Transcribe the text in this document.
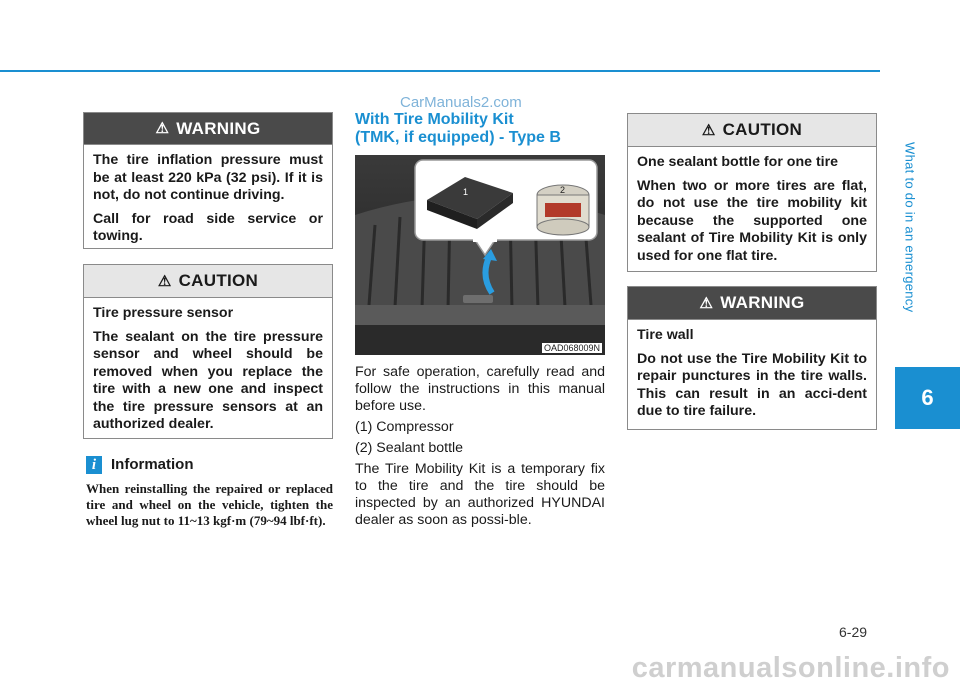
CarManuals2.com
What to do in an emergency
6
⚠ WARNING

The tire inflation pressure must be at least 220 kPa (32 psi). If it is not, do not continue driving.

Call for road side service or towing.

⚠ CAUTION

Tire pressure sensor

The sealant on the tire pressure sensor and wheel should be removed when you replace the tire with a new one and inspect the tire pressure sensors at an authorized dealer.

i Information
When reinstalling the repaired or replaced tire and wheel on the vehicle, tighten the wheel lug nut to 11~13 kgf·m (79~94 lbf·ft).
With Tire Mobility Kit
(TMK, if equipped) - Type B
1	2
OAD068009N

For safe operation, carefully read and follow the instructions in this manual before use.

(1) Compressor

(2) Sealant bottle

The Tire Mobility Kit is a temporary fix to the tire and the tire should be inspected by an authorized HYUNDAI dealer as soon as possi-ble.

⚠ CAUTION

One sealant bottle for one tire

When two or more tires are flat, do not use the tire mobility kit because the supported one sealant of Tire Mobility Kit is only used for one flat tire.

⚠ WARNING

Tire wall

Do not use the Tire Mobility Kit to repair punctures in the tire walls. This can result in an acci-dent due to tire failure.

6-29
carmanualsonline.info
